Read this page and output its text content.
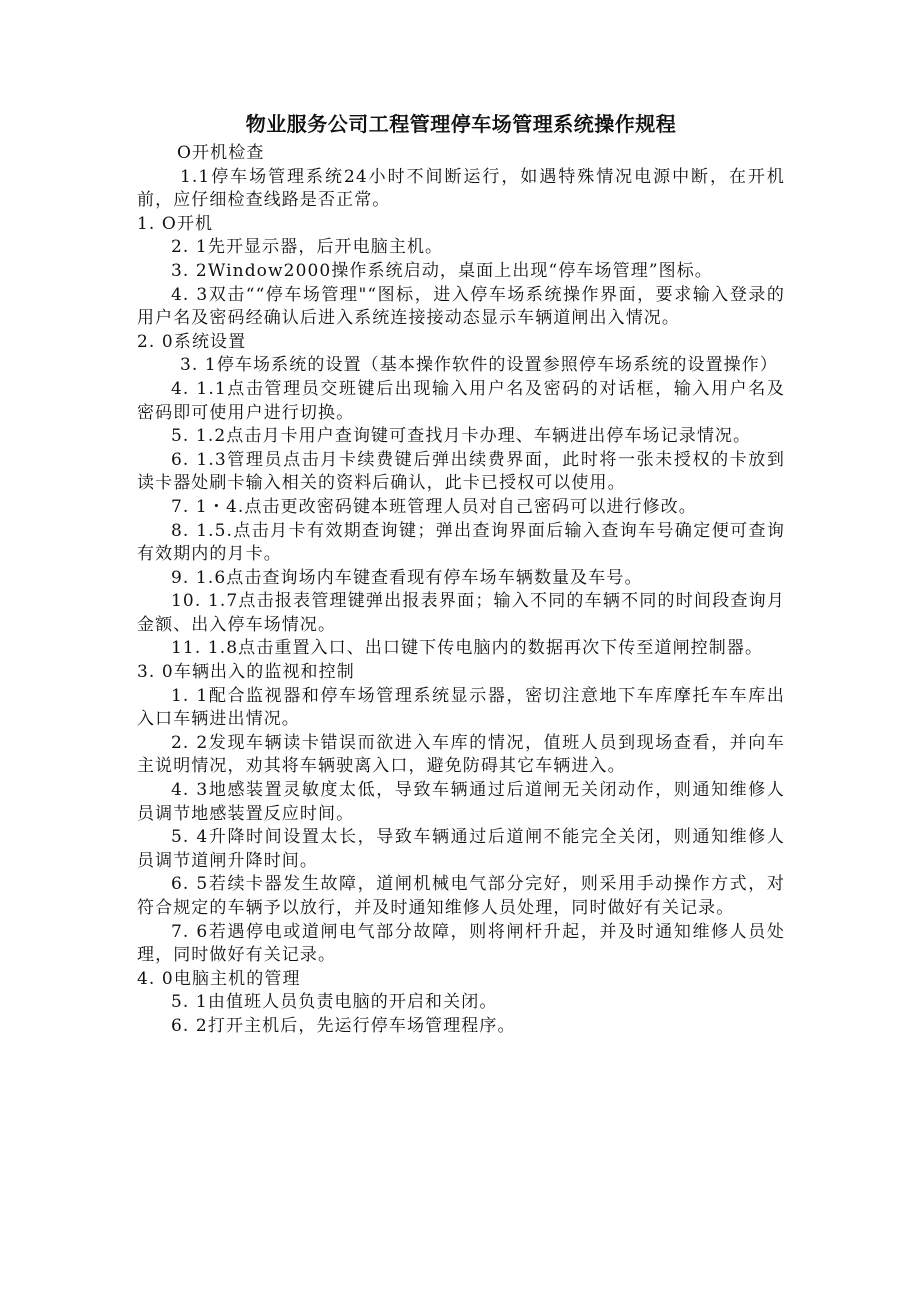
物业服务公司工程管理停车场管理系统操作规程

O开机检查

1.1停车场管理系统24小时不间断运行，如遇特殊情况电源中断，在开机前，应仔细检查线路是否正常。

1. O开机

2. 1先开显示器，后开电脑主机。

3. 2Window2000操作系统启动，桌面上出现“停车场管理”图标。

4. 3双击““停车场管理"“图标，进入停车场系统操作界面，要求输入登录的用户名及密码经确认后进入系统连接接动态显示车辆道闸出入情况。

2. 0系统设置

3. 1停车场系统的设置（基本操作软件的设置参照停车场系统的设置操作）

4. 1.1点击管理员交班键后出现输入用户名及密码的对话框，输入用户名及密码即可使用户进行切换。

5. 1.2点击月卡用户查询键可查找月卡办理、车辆进出停车场记录情况。

6. 1.3管理员点击月卡续费键后弹出续费界面，此时将一张未授权的卡放到读卡器处刷卡输入相关的资料后确认，此卡已授权可以使用。

7. 1・4.点击更改密码键本班管理人员对自己密码可以进行修改。

8. 1.5.点击月卡有效期查询键；弹出查询界面后输入查询车号确定便可查询有效期内的月卡。

9. 1.6点击查询场内车键查看现有停车场车辆数量及车号。

10. 1.7点击报表管理键弹出报表界面；输入不同的车辆不同的时间段查询月金额、出入停车场情况。

11. 1.8点击重置入口、出口键下传电脑内的数据再次下传至道闸控制器。

3. 0车辆出入的监视和控制

1. 1配合监视器和停车场管理系统显示器，密切注意地下车库摩托车车库出入口车辆进出情况。

2. 2发现车辆读卡错误而欲进入车库的情况，值班人员到现场查看，并向车主说明情况，劝其将车辆驶离入口，避免防碍其它车辆进入。

4. 3地感装置灵敏度太低，导致车辆通过后道闸无关闭动作，则通知维修人员调节地感装置反应时间。

5. 4升降时间设置太长，导致车辆通过后道闸不能完全关闭，则通知维修人员调节道闸升降时间。

6. 5若续卡器发生故障，道闸机械电气部分完好，则采用手动操作方式，对符合规定的车辆予以放行，并及时通知维修人员处理，同时做好有关记录。

7. 6若遇停电或道闸电气部分故障，则将闸杆升起，并及时通知维修人员处理，同时做好有关记录。

4. 0电脑主机的管理

5. 1由值班人员负责电脑的开启和关闭。

6. 2打开主机后，先运行停车场管理程序。
